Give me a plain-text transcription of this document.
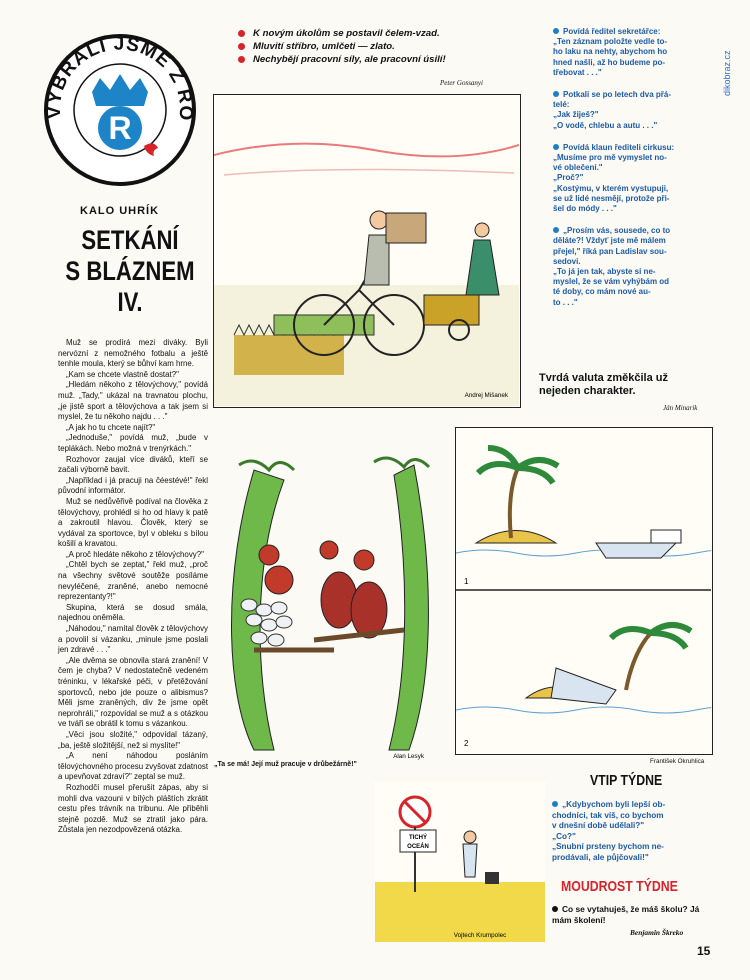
VYBRALI JSME Z RO
R
KALO UHRÍK
SETKÁNÍ
S BLÁZNEM
IV.

Muž se prodírá mezi diváky. Byli nervózní z nemožného fotbalu a ještě tenhle moula, který se bůhví kam hrne.

„Kam se chcete vlastně dostat?"

„Hledám někoho z tělovýchovy," povídá muž. „Tady," ukázal na travnatou plochu, „je jistě sport a tělovýchova a tak jsem si myslel, že tu někoho najdu . . ."

„A jak ho tu chcete najít?"

„Jednoduše," povídá muž, „bude v teplákách. Nebo možná v trenýrkách."

Rozhovor zaujal více diváků, kteří se začali výborně bavit.

„Například i já pracuji na čéestévé!" řekl původní informátor.

Muž se nedůvěřivě podíval na člověka z tělovýchovy, prohlédl si ho od hlavy k patě a zakroutil hlavou. Člověk, který se vydával za sportovce, byl v obleku s bílou košilí a kravatou.

„A proč hledáte někoho z tělovýchovy?"

„Chtěl bych se zeptat," řekl muž, „proč na všechny světové soutěže posíláme nevyléčené, zraněné, anebo nemocné reprezentanty?!"

Skupina, která se dosud smála, najednou oněměla.

„Náhodou," namítal člověk z tělovýchovy a povolil si vázanku, „minule jsme poslali jen zdravé . . ."

„Ale dvěma se obnovila stará zranění! V čem je chyba? V nedostatečně vedeném tréninku, v lékařské péči, v přetěžování sportovců, nebo jde pouze o alibismus? Měli jsme zraněných, div že jsme opět neprohráli," rozpovídal se muž a s otázkou ve tváři se obrátil k tomu s vázankou.

„Věci jsou složité," odpovídal tázaný, „ba, ještě složitější, než si myslíte!"

„A není náhodou posláním tělovýchovného procesu zvyšovat zdatnost a upevňovat zdraví?" zeptal se muž.

Rozhodčí musel přerušit zápas, aby si mohli dva vazouni v bílých pláštích zkrátit cestu přes trávník na tribunu. Ale přiběhli stejně pozdě. Muž se ztratil jako pára. Zůstala jen nezodpovězená otázka.

K novým úkolům se postavil čelem-vzad.
Mluvití stříbro, umlčeti — zlato.
Nechybějí pracovní síly, ale pracovní úsilí!
Peter Gossanyi
Andrej Mišanek
Tvrdá valuta změkčila už nejeden charakter.
Ján Minarik
Alan Lesyk
„Ta se má! Její muž pracuje v drůbežárně!"
1
2
František Okruhlica
TICHÝ
OCEÁN
Vojtech Krumpolec
Povídá ředitel sekretářce:
„Ten záznam položte vedle to-
ho laku na nehty, abychom ho
hned našli, až ho budeme po-
třebovat . . ."
Potkali se po letech dva přá-
telé:
„Jak žiješ?"
„O vodě, chlebu a autu . . ."
Povídá klaun řediteli cirkusu:
„Musíme pro mě vymyslet no-
vé oblečení."
„Proč?"
„Kostýmu, v kterém vystupuji,
se už lidé nesmějí, protože při-
šel do módy . . ."
„Prosím vás, sousede, co to
děláte?! Vždyť jste mě málem
přejel," říká pan Ladislav sou-
sedovi.
„To já jen tak, abyste si ne-
myslel, že se vám vyhýbám od
té doby, co mám nové au-
to . . ."
dikobraz.cz
VTIP TÝDNE
„Kdybychom byli lepší ob-
chodníci, tak víš, co bychom
v dnešní době udělali?"
„Co?"
„Snubní prsteny bychom ne-
prodávali, ale půjčovali!"
MOUDROST TÝDNE
Co se vytahuješ, že máš školu? Já mám školení!
Benjamin Škreko
15
